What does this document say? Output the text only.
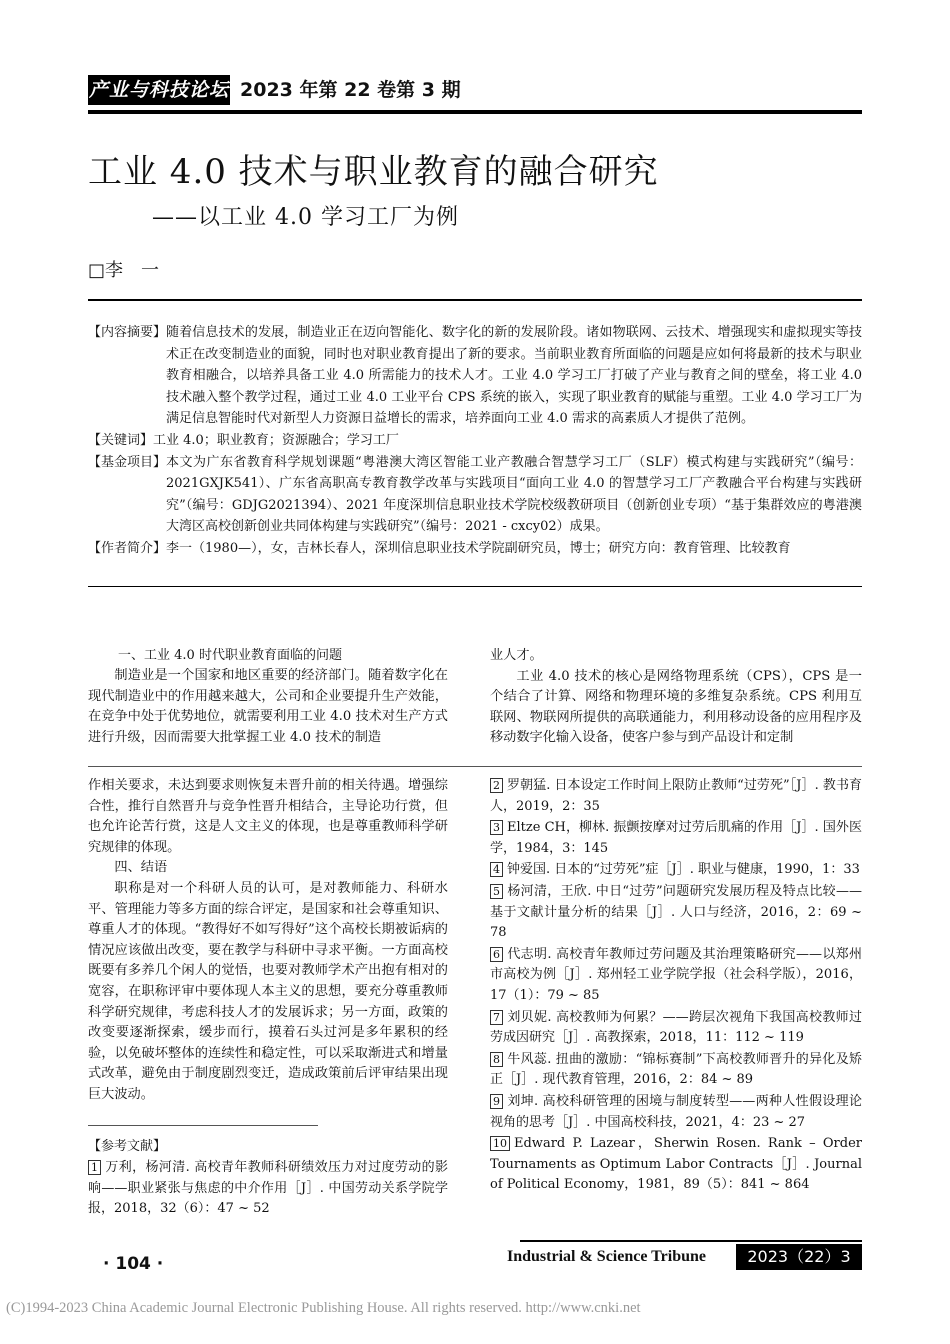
产业与科技论坛 2023 年第 22 卷第 3 期
工业 4.0 技术与职业教育的融合研究
——以工业 4.0 学习工厂为例
□李　一
【内容摘要】 随着信息技术的发展，制造业正在迈向智能化、数字化的新的发展阶段。诸如物联网、云技术、增强现实和虚拟现实等技术正在改变制造业的面貌，同时也对职业教育提出了新的要求。当前职业教育所面临的问题是应如何将最新的技术与职业教育相融合，以培养具备工业 4.0 所需能力的技术人才。工业 4.0 学习工厂打破了产业与教育之间的壁垒，将工业 4.0 技术融入整个教学过程，通过工业 4.0 工业平台 CPS 系统的嵌入，实现了职业教育的赋能与重塑。工业 4.0 学习工厂为满足信息智能时代对新型人力资源日益增长的需求，培养面向工业 4.0 需求的高素质人才提供了范例。
【关键词】 工业 4.0；职业教育；资源融合；学习工厂
【基金项目】 本文为广东省教育科学规划课题“粤港澳大湾区智能工业产教融合智慧学习工厂（SLF）模式构建与实践研究”（编号：2021GXJK541）、广东省高职高专教育教学改革与实践项目“面向工业 4.0 的智慧学习工厂产教融合平台构建与实践研究”（编号：GDJG2021394）、2021 年度深圳信息职业技术学院校级教研项目（创新创业专项）“基于集群效应的粤港澳大湾区高校创新创业共同体构建与实践研究”（编号：2021 - cxcy02）成果。
【作者简介】 李一（1980—），女，吉林长春人，深圳信息职业技术学院副研究员，博士；研究方向：教育管理、比较教育
一、工业 4.0 时代职业教育面临的问题

制造业是一个国家和地区重要的经济部门。随着数字化在现代制造业中的作用越来越大，公司和企业要提升生产效能，在竞争中处于优势地位，就需要利用工业 4.0 技术对生产方式进行升级，因而需要大批掌握工业 4.0 技术的制造

业人才。

工业 4.0 技术的核心是网络物理系统（CPS），CPS 是一个结合了计算、网络和物理环境的多维复杂系统。CPS 利用互联网、物联网所提供的高联通能力，利用移动设备的应用程序及移动数字化输入设备，使客户参与到产品设计和定制

作相关要求，未达到要求则恢复未晋升前的相关待遇。增强综合性，推行自然晋升与竞争性晋升相结合，主导论功行赏，但也允许论苦行赏，这是人文主义的体现，也是尊重教师科学研究规律的体现。

四、结语

职称是对一个科研人员的认可，是对教师能力、科研水平、管理能力等多方面的综合评定，是国家和社会尊重知识、尊重人才的体现。“教得好不如写得好”这个高校长期被诟病的情况应该做出改变，要在教学与科研中寻求平衡。一方面高校既要有多养几个闲人的觉悟，也要对教师学术产出抱有相对的宽容，在职称评审中要体现人本主义的思想，要充分尊重教师科学研究规律，考虑科技人才的发展诉求；另一方面，政策的改变要逐渐探索，缓步而行，摸着石头过河是多年累积的经验，以免破坏整体的连续性和稳定性，可以采取渐进式和增量式改革，避免由于制度剧烈变迁，造成政策前后评审结果出现巨大波动。

【参考文献】

1 万利，杨河清. 高校青年教师科研绩效压力对过度劳动的影响——职业紧张与焦虑的中介作用［J］. 中国劳动关系学院学报，2018，32（6）：47 ~ 52

2 罗朝猛. 日本设定工作时间上限防止教师“过劳死”［J］. 教书育人，2019，2：35

3 Eltze CH，柳林. 振颤按摩对过劳后肌痛的作用［J］. 国外医学，1984，3：145

4 钟爱国. 日本的“过劳死”症［J］. 职业与健康，1990，1：33

5 杨河清，王欣. 中日“过劳”问题研究发展历程及特点比较——基于文献计量分析的结果［J］. 人口与经济，2016，2：69 ~ 78

6 代志明. 高校青年教师过劳问题及其治理策略研究——以郑州市高校为例［J］. 郑州轻工业学院学报（社会科学版），2016，17（1）：79 ~ 85

7 刘贝妮. 高校教师为何累？——跨层次视角下我国高校教师过劳成因研究［J］. 高教探索，2018，11：112 ~ 119

8 牛风蕊. 扭曲的激励：“锦标赛制”下高校教师晋升的异化及矫正［J］. 现代教育管理，2016，2：84 ~ 89

9 刘坤. 高校科研管理的困境与制度转型——两种人性假设理论视角的思考［J］. 中国高校科技，2021，4：23 ~ 27

10 Edward P. Lazear，Sherwin Rosen. Rank – Order Tournaments as Optimum Labor Contracts［J］. Journal of Political Economy，1981，89（5）：841 ~ 864

· 104 ·	Industrial & Science Tribune	2023（22）3
(C)1994-2023 China Academic Journal Electronic Publishing House. All rights reserved. http://www.cnki.net
